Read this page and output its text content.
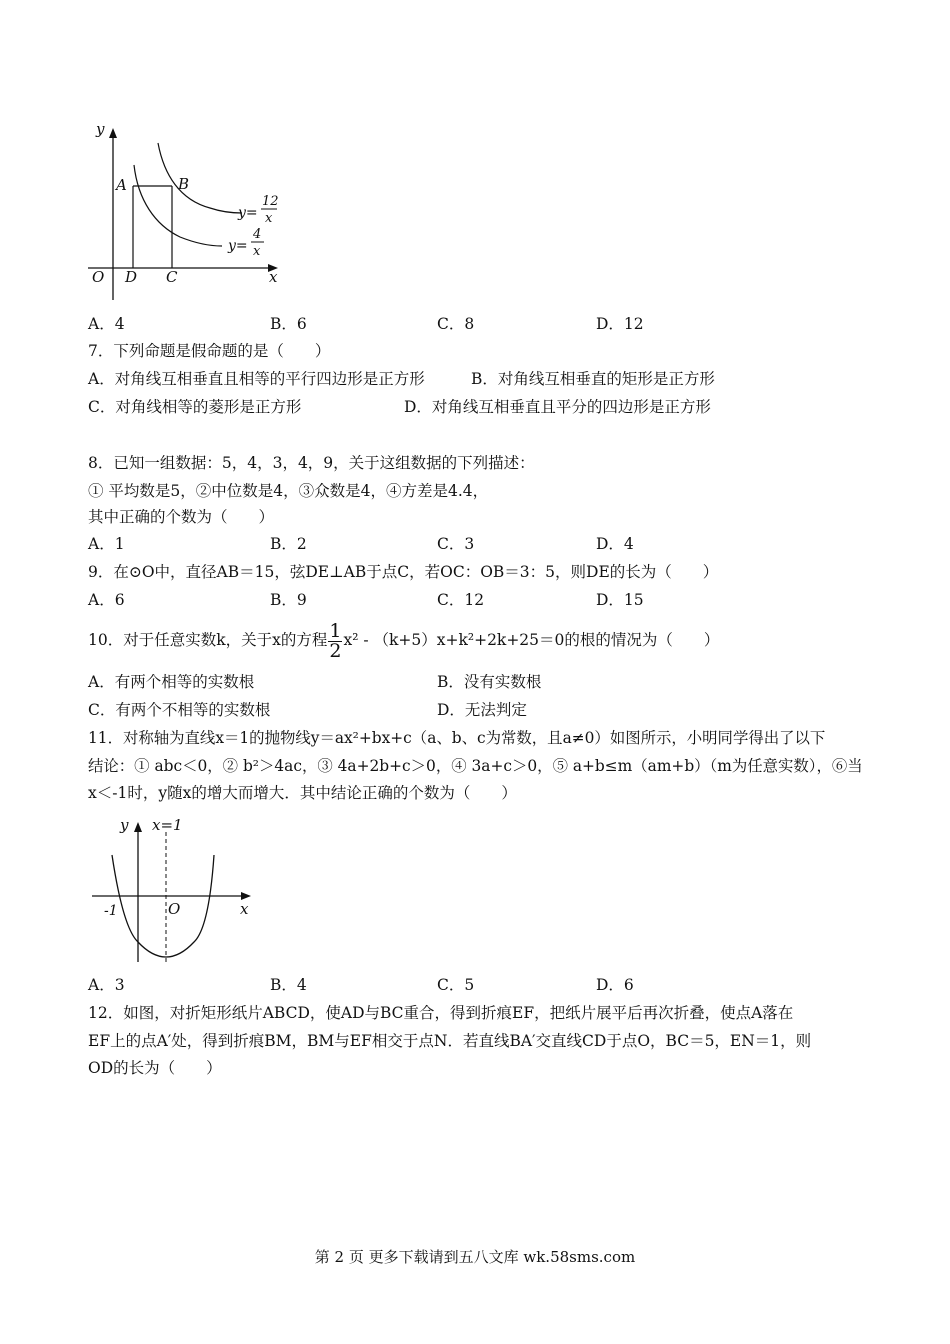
y
x
O
A	B
D C
y=
12
x
y=
4
x
A．4	B．6	C．8	D．12
7．下列命题是假命题的是（　　）
A．对角线互相垂直且相等的平行四边形是正方形	B．对角线互相垂直的矩形是正方形
C．对角线相等的菱形是正方形	D．对角线互相垂直且平分的四边形是正方形
8．已知一组数据：5，4，3，4，9，关于这组数据的下列描述：
① 平均数是5，②中位数是4，③众数是4，④方差是4.4，
其中正确的个数为（　　）
A．1	B．2	C．3	D．4
9．在⊙O中，直径AB＝15，弦DE⊥AB于点C，若OC：OB＝3：5，则DE的长为（　　）
A．6	B．9	C．12	D．15
10．对于任意实数k，关于x的方程 $\frac{1}{2} x^2$ ‑ （k+5）x+k²+2k+25＝0的根的情况为（　　）
A．有两个相等的实数根	B．没有实数根
C．有两个不相等的实数根	D．无法判定
11．对称轴为直线x＝1的抛物线y＝ax²+bx+c（a、b、c为常数，且a≠0）如图所示，小明同学得出了以下
结论：① abc＜0，② b²＞4ac，③ 4a+2b+c＞0，④ 3a+c＞0，⑤ a+b≤m（am+b）（m为任意实数），⑥当
x＜‑1时，y随x的增大而增大．其中结论正确的个数为（　　）
y x=1
-1	O	x
A．3	B．4	C．5	D．6
12．如图，对折矩形纸片ABCD，使AD与BC重合，得到折痕EF，把纸片展平后再次折叠，使点A落在
EF上的点A′处，得到折痕BM，BM与EF相交于点N．若直线BA′交直线CD于点O，BC＝5，EN＝1，则
OD的长为（　　）
第 2 页 更多下载请到五八文库 wk.58sms.com
